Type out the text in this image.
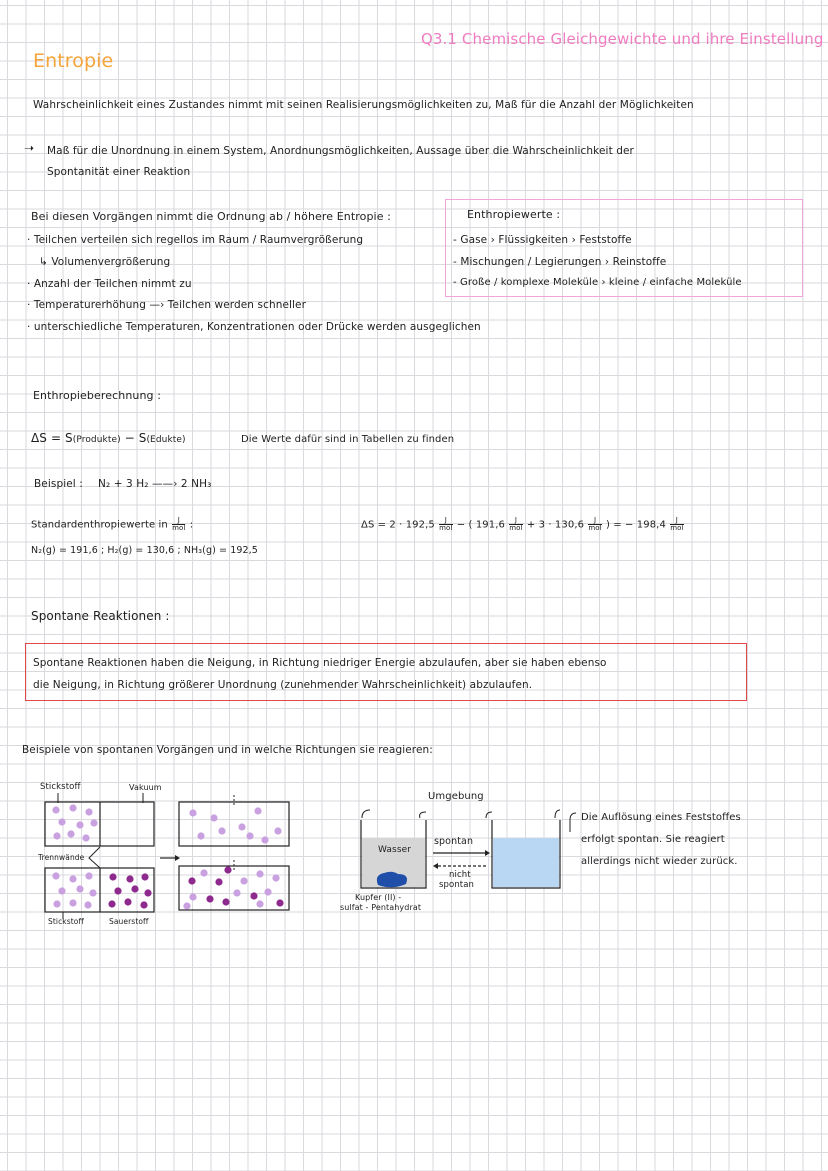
Q3.1 Chemische Gleichgewichte und ihre Einstellung
Entropie
Wahrscheinlichkeit eines Zustandes nimmt mit seinen Realisierungsmöglichkeiten zu, Maß für die Anzahl der Möglichkeiten
➝ Maß für die Unordnung in einem System, Anordnungsmöglichkeiten, Aussage über die Wahrscheinlichkeit der
Spontanität einer Reaktion
Bei diesen Vorgängen nimmt die Ordnung ab / höhere Entropie :
· Teilchen verteilen sich regellos im Raum / Raumvergrößerung
↳ Volumenvergrößerung
· Anzahl der Teilchen nimmt zu
· Temperaturerhöhung —› Teilchen werden schneller
· unterschiedliche Temperaturen, Konzentrationen oder Drücke werden ausgeglichen
Enthropiewerte :
- Gase › Flüssigkeiten › Feststoffe
- Mischungen / Legierungen › Reinstoffe
- Große / komplexe Moleküle › kleine / einfache Moleküle
Enthropieberechnung :
ΔS = S(Produkte) − S(Edukte)	Die Werte dafür sind in Tabellen zu finden
Beispiel : N₂ + 3 H₂ ——› 2 NH₃
Standardenthropiewerte in $\frac{J}{\text{mol}}$ :
N₂(g) = 191,6 ; H₂(g) = 130,6 ; NH₃(g) = 192,5
$\Delta S = 2 \cdot 192,5 \frac{J}{\text{mol}}$ − ( $191,6 \frac{J}{\text{mol}} + 3 \cdot 130,6 \frac{J}{\text{mol}}$ ) = − $198,4 \frac{J}{\text{mol}}$
Spontane Reaktionen :
Spontane Reaktionen haben die Neigung, in Richtung niedriger Energie abzulaufen, aber sie haben ebenso
die Neigung, in Richtung größerer Unordnung (zunehmender Wahrscheinlichkeit) abzulaufen.
Beispiele von spontanen Vorgängen und in welche Richtungen sie reagieren:
Stickstoff	Vakuum
Trennwände
Stickstoff	Sauerstoff
Umgebung
Wasser
spontan
nicht
spontan
Kupfer (II) -
sulfat - Pentahydrat
Die Auflösung eines Feststoffes
erfolgt spontan. Sie reagiert
allerdings nicht wieder zurück.
